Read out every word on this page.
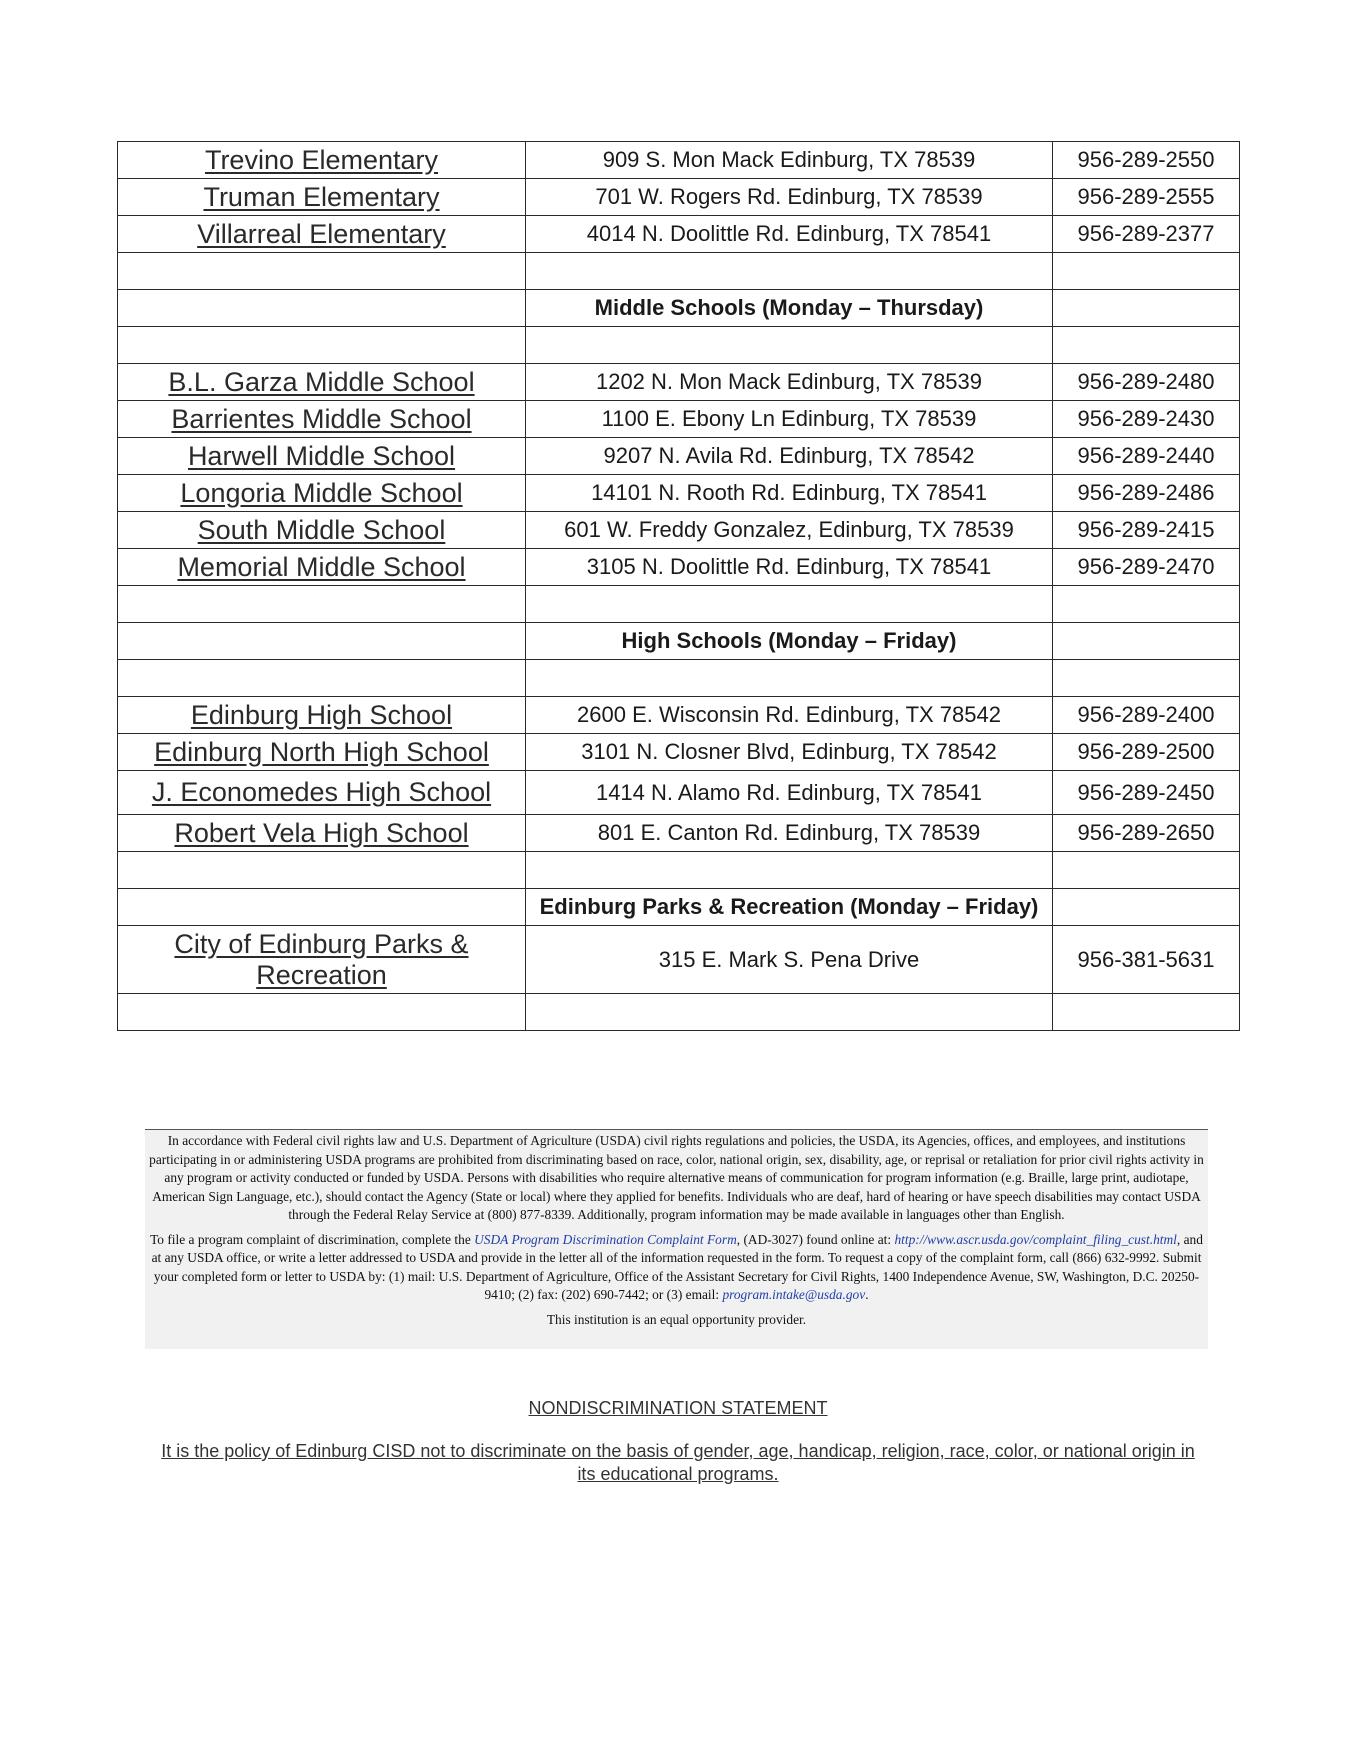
Trevino Elementary	909 S. Mon Mack Edinburg, TX 78539	956-289-2550
Truman Elementary	701 W. Rogers Rd. Edinburg, TX 78539	956-289-2555
Villarreal Elementary	4014 N. Doolittle Rd. Edinburg, TX 78541	956-289-2377

	Middle Schools (Monday – Thursday)	

B.L. Garza Middle School	1202 N. Mon Mack Edinburg, TX 78539	956-289-2480
Barrientes Middle School	1100 E. Ebony Ln Edinburg, TX 78539	956-289-2430
Harwell Middle School	9207 N. Avila Rd. Edinburg, TX 78542	956-289-2440
Longoria Middle School	14101 N. Rooth Rd. Edinburg, TX 78541	956-289-2486
South Middle School	601 W. Freddy Gonzalez, Edinburg, TX 78539	956-289-2415
Memorial Middle School	3105 N. Doolittle Rd. Edinburg, TX 78541	956-289-2470

	High Schools (Monday – Friday)	

Edinburg High School	2600 E. Wisconsin Rd. Edinburg, TX 78542	956-289-2400
Edinburg North High School	3101 N. Closner Blvd, Edinburg, TX 78542	956-289-2500
J. Economedes High School	1414 N. Alamo Rd. Edinburg, TX 78541	956-289-2450
Robert Vela High School	801 E. Canton Rd. Edinburg, TX 78539	956-289-2650

	Edinburg Parks & Recreation (Monday – Friday)	
City of Edinburg Parks & Recreation	315 E. Mark S. Pena Drive	956-381-5631

In accordance with Federal civil rights law and U.S. Department of Agriculture (USDA) civil rights regulations and policies, the USDA, its Agencies, offices, and employees, and institutions participating in or administering USDA programs are prohibited from discriminating based on race, color, national origin, sex, disability, age, or reprisal or retaliation for prior civil rights activity in any program or activity conducted or funded by USDA. Persons with disabilities who require alternative means of communication for program information (e.g. Braille, large print, audiotape, American Sign Language, etc.), should contact the Agency (State or local) where they applied for benefits. Individuals who are deaf, hard of hearing or have speech disabilities may contact USDA through the Federal Relay Service at (800) 877-8339. Additionally, program information may be made available in languages other than English.

To file a program complaint of discrimination, complete the USDA Program Discrimination Complaint Form, (AD-3027) found online at: http://www.ascr.usda.gov/complaint_filing_cust.html, and at any USDA office, or write a letter addressed to USDA and provide in the letter all of the information requested in the form. To request a copy of the complaint form, call (866) 632-9992. Submit your completed form or letter to USDA by: (1) mail: U.S. Department of Agriculture, Office of the Assistant Secretary for Civil Rights, 1400 Independence Avenue, SW, Washington, D.C. 20250-9410; (2) fax: (202) 690-7442; or (3) email: program.intake@usda.gov.

This institution is an equal opportunity provider.

NONDISCRIMINATION STATEMENT
It is the policy of Edinburg CISD not to discriminate on the basis of gender, age, handicap, religion, race, color, or national origin in its educational programs.
